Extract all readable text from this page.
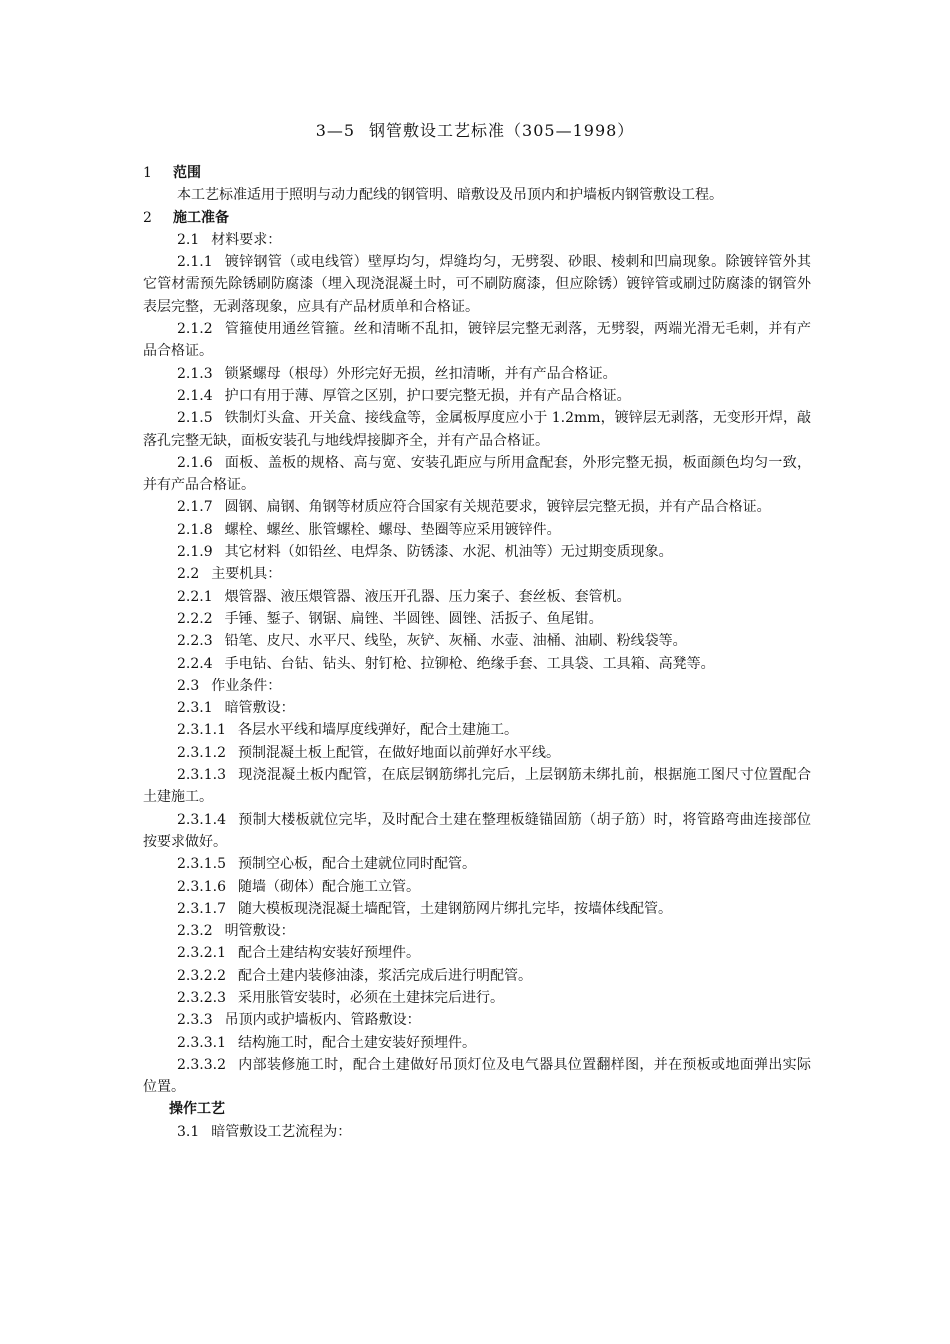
3—5 钢管敷设工艺标准（305—1998）
1 范围

本工艺标准适用于照明与动力配线的钢管明、暗敷设及吊顶内和护墙板内钢管敷设工程。

2 施工准备

2.1 材料要求：

2.1.1 镀锌钢管（或电线管）壁厚均匀，焊缝均匀，无劈裂、砂眼、棱刺和凹扁现象。除镀锌管外其它管材需预先除锈刷防腐漆（埋入现浇混凝土时，可不刷防腐漆，但应除锈）镀锌管或刷过防腐漆的钢管外表层完整，无剥落现象，应具有产品材质单和合格证。

2.1.2 管箍使用通丝管箍。丝和清晰不乱扣，镀锌层完整无剥落，无劈裂，两端光滑无毛刺，并有产品合格证。

2.1.3 锁紧螺母（根母）外形完好无损，丝扣清晰，并有产品合格证。

2.1.4 护口有用于薄、厚管之区别，护口要完整无损，并有产品合格证。

2.1.5 铁制灯头盒、开关盒、接线盒等，金属板厚度应小于 1.2mm，镀锌层无剥落，无变形开焊，敲落孔完整无缺，面板安装孔与地线焊接脚齐全，并有产品合格证。

2.1.6 面板、盖板的规格、高与宽、安装孔距应与所用盒配套，外形完整无损，板面颜色均匀一致，并有产品合格证。

2.1.7 圆钢、扁钢、角钢等材质应符合国家有关规范要求，镀锌层完整无损，并有产品合格证。

2.1.8 螺栓、螺丝、胀管螺栓、螺母、垫圈等应采用镀锌件。

2.1.9 其它材料（如铅丝、电焊条、防锈漆、水泥、机油等）无过期变质现象。

2.2 主要机具：

2.2.1 煨管器、液压煨管器、液压开孔器、压力案子、套丝板、套管机。

2.2.2 手锤、錾子、钢锯、扁锉、半圆锉、圆锉、活扳子、鱼尾钳。

2.2.3 铅笔、皮尺、水平尺、线坠，灰铲、灰桶、水壶、油桶、油刷、粉线袋等。

2.2.4 手电钻、台钻、钻头、射钉枪、拉铆枪、绝缘手套、工具袋、工具箱、高凳等。

2.3 作业条件：

2.3.1 暗管敷设：

2.3.1.1 各层水平线和墙厚度线弹好，配合土建施工。

2.3.1.2 预制混凝土板上配管，在做好地面以前弹好水平线。

2.3.1.3 现浇混凝土板内配管，在底层钢筋绑扎完后，上层钢筋未绑扎前，根据施工图尺寸位置配合土建施工。

2.3.1.4 预制大楼板就位完毕，及时配合土建在整理板缝锚固筋（胡子筋）时，将管路弯曲连接部位按要求做好。

2.3.1.5 预制空心板，配合土建就位同时配管。

2.3.1.6 随墙（砌体）配合施工立管。

2.3.1.7 随大模板现浇混凝土墙配管，土建钢筋网片绑扎完毕，按墙体线配管。

2.3.2 明管敷设：

2.3.2.1 配合土建结构安装好预埋件。

2.3.2.2 配合土建内装修油漆，浆活完成后进行明配管。

2.3.2.3 采用胀管安装时，必须在土建抹完后进行。

2.3.3 吊顶内或护墙板内、管路敷设：

2.3.3.1 结构施工时，配合土建安装好预埋件。

2.3.3.2 内部装修施工时，配合土建做好吊顶灯位及电气器具位置翻样图，并在预板或地面弹出实际位置。

操作工艺

3.1 暗管敷设工艺流程为：
